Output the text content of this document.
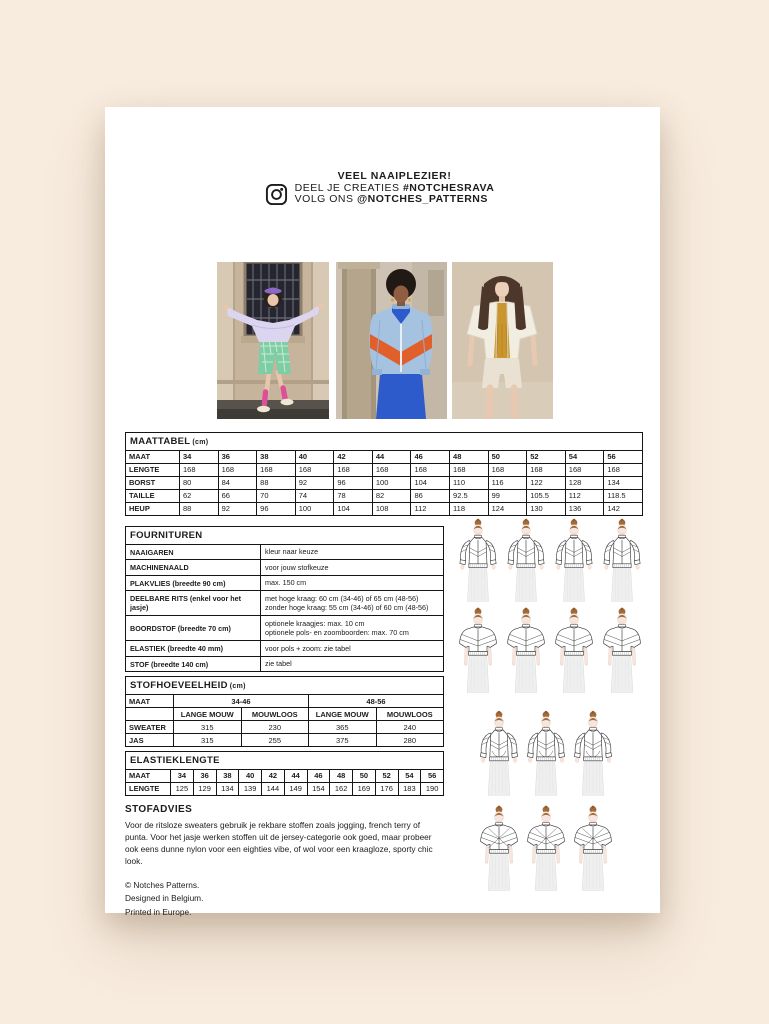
VEEL NAAIPLEZIER!
DEEL JE CREATIES #NOTCHESRAVA
VOLG ONS @NOTCHES_PATTERNS
MAATTABEL (cm)												
MAAT	34	36	38	40	42	44	46	48	50	52	54	56
LENGTE	168	168	168	168	168	168	168	168	168	168	168	168
BORST	80	84	88	92	96	100	104	110	116	122	128	134
TAILLE	62	66	70	74	78	82	86	92.5	99	105.5	112	118.5
HEUP	88	92	96	100	104	108	112	118	124	130	136	142
FOURNITUREN	
NAAIGAREN	kleur naar keuze

MACHINENAALD	voor jouw stofkeuze

PLAKVLIES (breedte 90 cm)	max. 150 cm

DEELBARE RITS (enkel voor het jasje)	met hoge kraag: 60 cm (34-46) of 65 cm (48-56)
zonder hoge kraag: 55 cm (34-46) of 60 cm (48-56)

BOORDSTOF (breedte 70 cm)	optionele kraagjes: max. 10 cm
optionele pols- en zoomboorden: max. 70 cm

ELASTIEK (breedte 40 mm)	voor pols + zoom: zie tabel

STOF (breedte 140 cm)	zie tabel
STOFHOEVEELHEID (cm)				
MAAT	34-46		48-56	
	LANGE MOUW	MOUWLOOS	LANGE MOUW	MOUWLOOS
SWEATER	315	230	365	240
JAS	315	255	375	280
ELASTIEKLENGTE												
MAAT	34	36	38	40	42	44	46	48	50	52	54	56
LENGTE	125	129	134	139	144	149	154	162	169	176	183	190
STOFADVIES

Voor de ritsloze sweaters gebruik je rekbare stoffen zoals jogging, french terry of punta. Voor het jasje werken stoffen uit de jersey-categorie ook goed, maar probeer ook eens dunne nylon voor een eighties vibe, of wol voor een kraagloze, sporty chic look.

© Notches Patterns.
Designed in Belgium.
Printed in Europe.
